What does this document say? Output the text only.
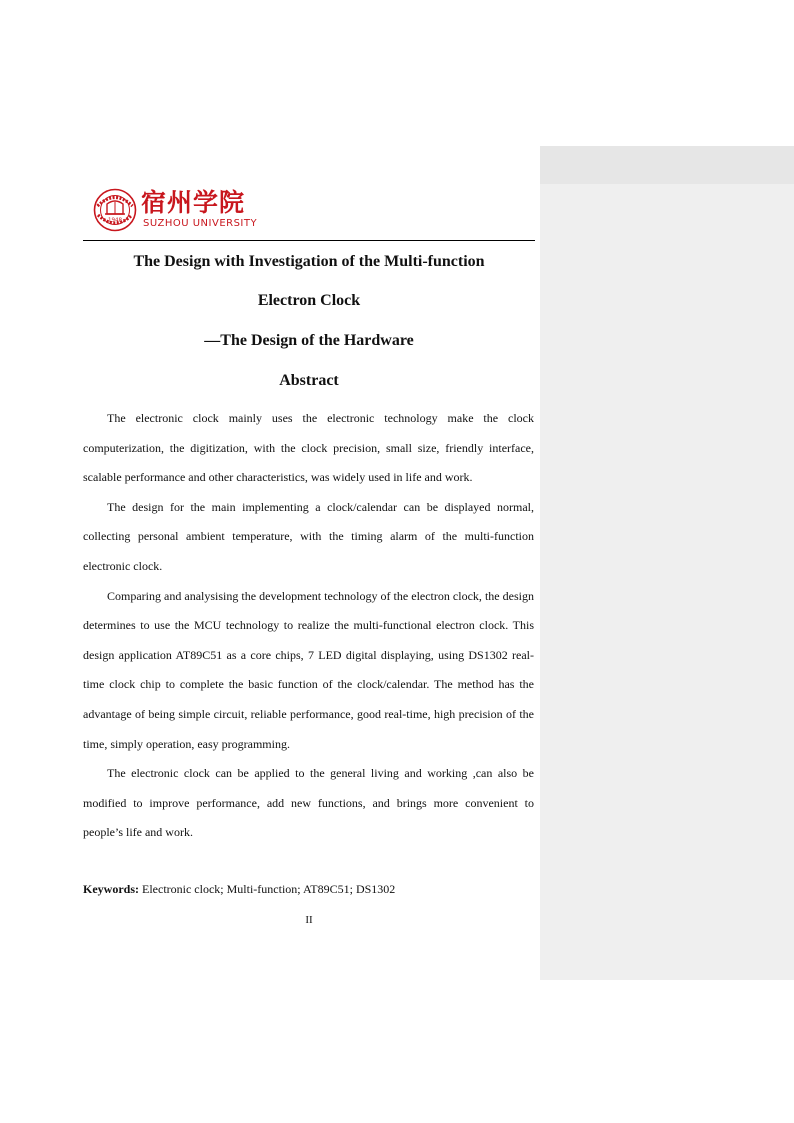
1948
宿州学院
SUZHOU UNIVERSITY
The Design with Investigation of the Multi-function
Electron Clock
—The Design of the Hardware
Abstract

The electronic clock mainly uses the electronic technology make the clock computerization, the digitization, with the clock precision, small size, friendly interface, scalable performance and other characteristics, was widely used in life and work.

The design for the main implementing a clock/calendar can be displayed normal, collecting personal ambient temperature, with the timing alarm of the multi-function electronic clock.

Comparing and analysising the development technology of the electron clock, the design determines to use the MCU technology to realize the multi-functional electron clock. This design application AT89C51 as a core chips, 7 LED digital displaying, using DS1302 real-time clock chip to complete the basic function of the clock/calendar. The method has the advantage of being simple circuit, reliable performance, good real-time, high precision of the time, simply operation, easy programming.

The electronic clock can be applied to the general living and working ,can also be modified to improve performance, add new functions, and brings more convenient to people’s life and work.

Keywords: Electronic clock; Multi-function; AT89C51; DS1302
II
